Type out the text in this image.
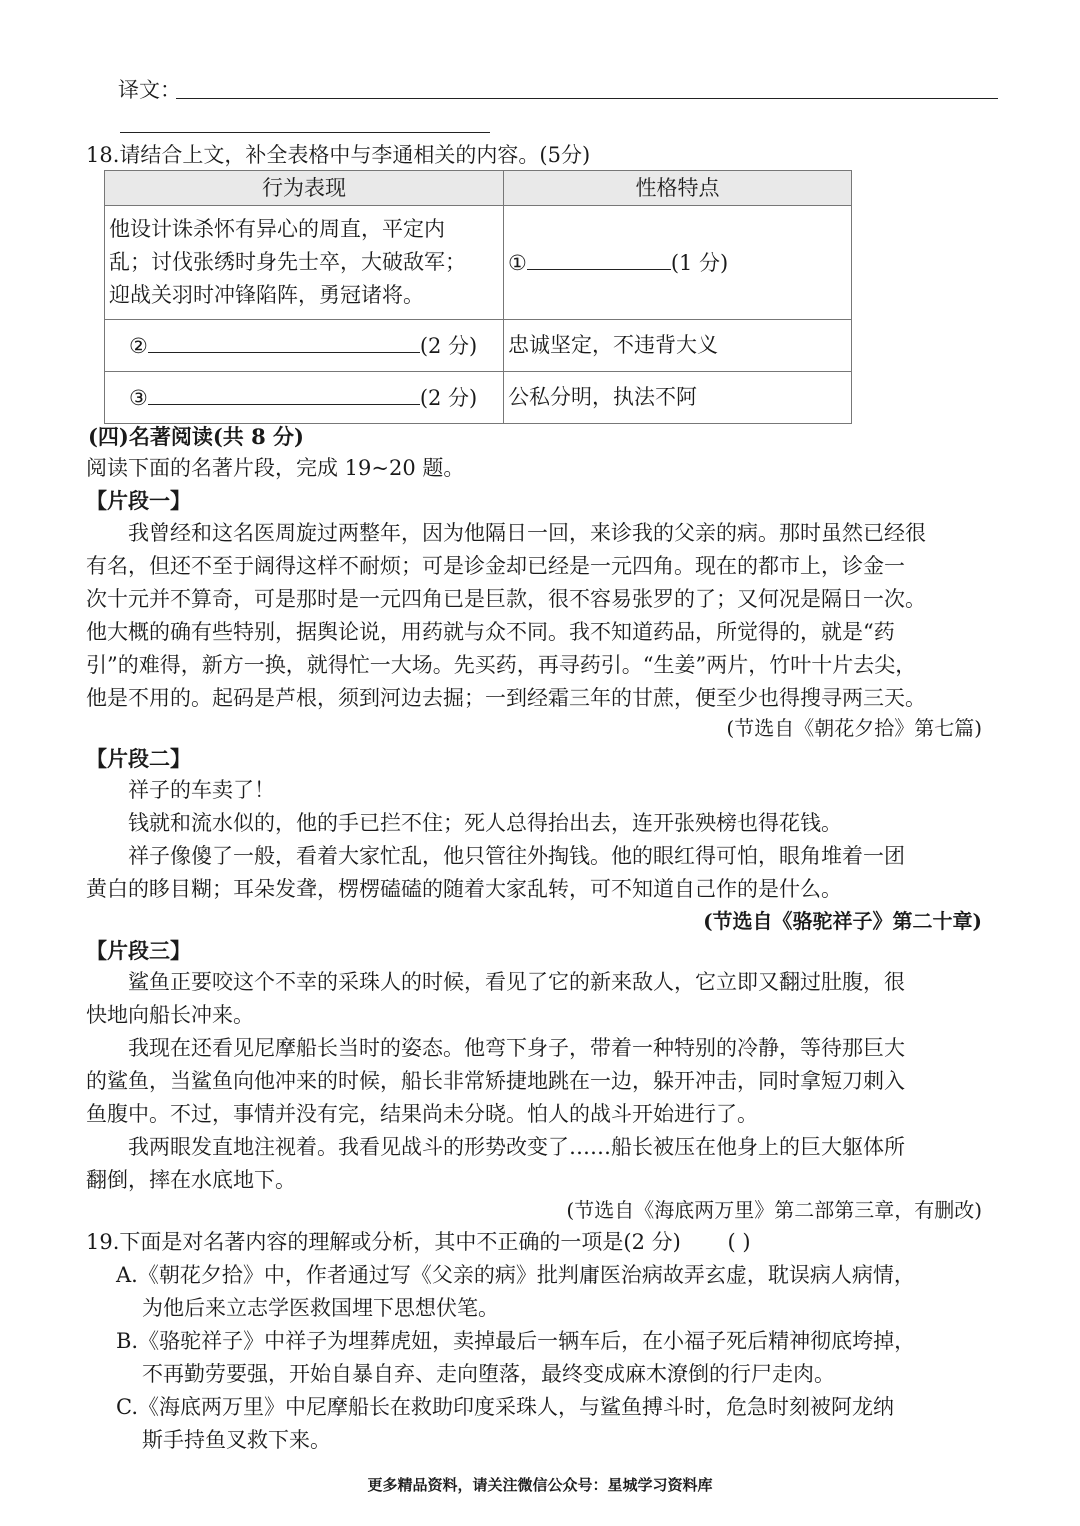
译文：
18.请结合上文，补全表格中与李通相关的内容。(5分)
行为表现	性格特点

他设计诛杀怀有异心的周直，平定内
乱；讨伐张绣时身先士卒，大破敌军；
迎战关羽时冲锋陷阵，勇冠诸将。	① (1 分)
② (2 分)	忠诚坚定，不违背大义
③ (2 分)	公私分明，执法不阿
(四)名著阅读(共 8 分)
阅读下面的名著片段，完成 19~20 题。
【片段一】
我曾经和这名医周旋过两整年，因为他隔日一回，来诊我的父亲的病。那时虽然已经很
有名，但还不至于阔得这样不耐烦；可是诊金却已经是一元四角。现在的都市上，诊金一
次十元并不算奇，可是那时是一元四角已是巨款，很不容易张罗的了；又何况是隔日一次。
他大概的确有些特别，据舆论说，用药就与众不同。我不知道药品，所觉得的，就是“药
引”的难得，新方一换，就得忙一大场。先买药，再寻药引。“生姜”两片，竹叶十片去尖，
他是不用的。起码是芦根，须到河边去掘；一到经霜三年的甘蔗，便至少也得搜寻两三天。
(节选自《朝花夕拾》第七篇)
【片段二】
祥子的车卖了！
钱就和流水似的，他的手已拦不住；死人总得抬出去，连开张殃榜也得花钱。
祥子像傻了一般，看着大家忙乱，他只管往外掏钱。他的眼红得可怕，眼角堆着一团
黄白的眵目糊；耳朵发聋，楞楞磕磕的随着大家乱转，可不知道自己作的是什么。
(节选自《骆驼祥子》第二十章)
【片段三】
鲨鱼正要咬这个不幸的采珠人的时候，看见了它的新来敌人，它立即又翻过肚腹，很
快地向船长冲来。
我现在还看见尼摩船长当时的姿态。他弯下身子，带着一种特别的冷静，等待那巨大
的鲨鱼，当鲨鱼向他冲来的时候，船长非常矫捷地跳在一边，躲开冲击，同时拿短刀刺入
鱼腹中。不过，事情并没有完，结果尚未分晓。怕人的战斗开始进行了。
我两眼发直地注视着。我看见战斗的形势改变了……船长被压在他身上的巨大躯体所
翻倒，摔在水底地下。
(节选自《海底两万里》第二部第三章，有删改)
19.下面是对名著内容的理解或分析，其中不正确的一项是(2 分) ( )
A.《朝花夕拾》中，作者通过写《父亲的病》批判庸医治病故弄玄虚，耽误病人病情，
为他后来立志学医救国埋下思想伏笔。
B.《骆驼祥子》中祥子为埋葬虎妞，卖掉最后一辆车后，在小福子死后精神彻底垮掉，
不再勤劳要强，开始自暴自弃、走向堕落，最终变成麻木潦倒的行尸走肉。
C.《海底两万里》中尼摩船长在救助印度采珠人，与鲨鱼搏斗时，危急时刻被阿龙纳
斯手持鱼叉救下来。
更多精品资料，请关注微信公众号：星城学习资料库
